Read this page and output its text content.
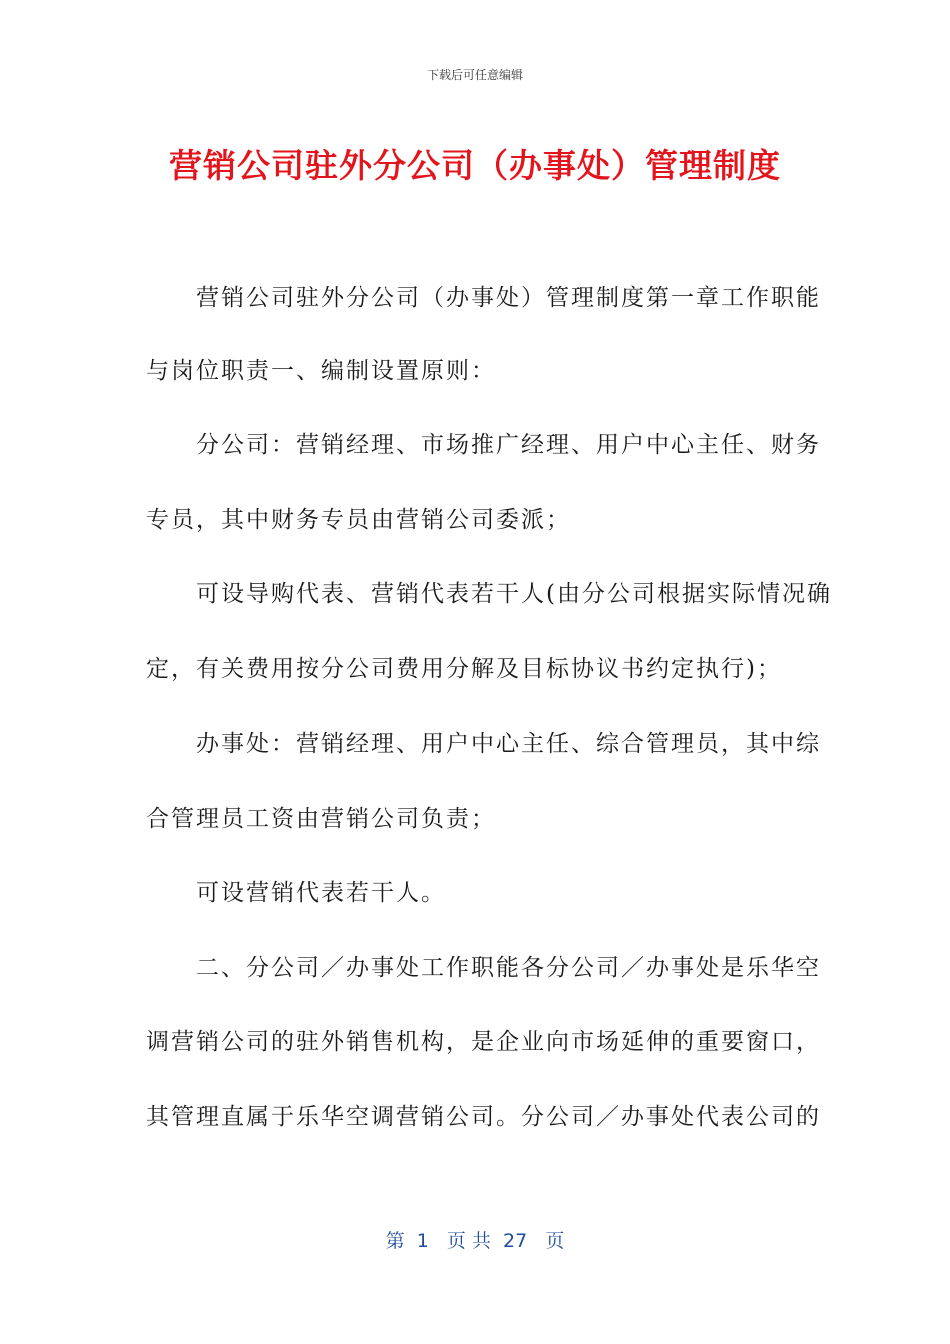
下载后可任意编辑
营销公司驻外分公司（办事处）管理制度
　　营销公司驻外分公司（办事处）管理制度第一章工作职能
与岗位职责一、编制设置原则：
　　分公司：营销经理、市场推广经理、用户中心主任、财务
专员，其中财务专员由营销公司委派；
　　可设导购代表、营销代表若干人(由分公司根据实际情况确
定，有关费用按分公司费用分解及目标协议书约定执行)；
　　办事处：营销经理、用户中心主任、综合管理员，其中综
合管理员工资由营销公司负责；
　　可设营销代表若干人。
　　二、分公司／办事处工作职能各分公司／办事处是乐华空
调营销公司的驻外销售机构，是企业向市场延伸的重要窗口，
其管理直属于乐华空调营销公司。分公司／办事处代表公司的
第  1   页 共  27   页
